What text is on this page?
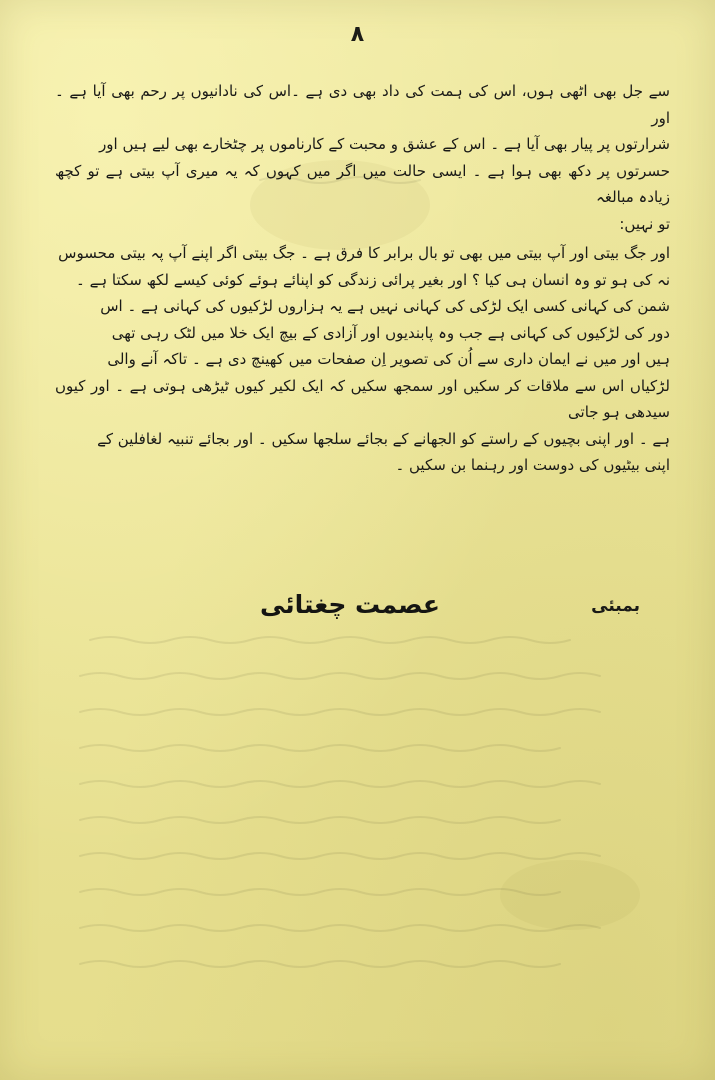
۸
سے جل بھی اٹھی ہوں، اس کی ہمت کی داد بھی دی ہے ۔اس کی نادانیوں پر رحم بھی آیا ہے ۔ اور
شرارتوں پر پیار بھی آیا ہے ۔ اس کے عشق و محبت کے کارناموں پر چٹخارے بھی لیے ہیں اور
حسرتوں پر دکھ بھی ہوا ہے ۔ ایسی حالت میں اگر میں کہوں کہ یہ میری آپ بیتی ہے تو کچھ زیادہ مبالغہ
تو نہیں:
اور جگ بیتی اور آپ بیتی میں بھی تو بال برابر کا فرق ہے ۔ جگ بیتی اگر اپنے آپ پہ بیتی محسوس
نہ کی ہو تو وہ انسان ہی کیا ؟ اور بغیر پرائی زندگی کو اپنائے ہوئے کوئی کیسے لکھ سکتا ہے ۔
شمن کی کہانی کسی ایک لڑکی کی کہانی نہیں ہے یہ ہزاروں لڑکیوں کی کہانی ہے ۔ اس
دور کی لڑکیوں کی کہانی ہے جب وہ پابندیوں اور آزادی کے بیچ ایک خلا میں لٹک رہی تھی
ہیں اور میں نے ایمان داری سے اُن کی تصویر اِن صفحات میں کھینچ دی ہے ۔ تاکہ آنے والی
لڑکیاں اس سے ملاقات کر سکیں اور سمجھ سکیں کہ ایک لکیر کیوں ٹیڑھی ہوتی ہے ۔ اور کیوں سیدھی ہو جاتی
ہے ۔ اور اپنی بچیوں کے راستے کو الجھانے کے بجائے سلجھا سکیں ۔ اور بجائے تنبیہ لغافلین کے
اپنی بیٹیوں کی دوست اور رہنما بن سکیں ۔
بمبئی
عصمت چغتائی
